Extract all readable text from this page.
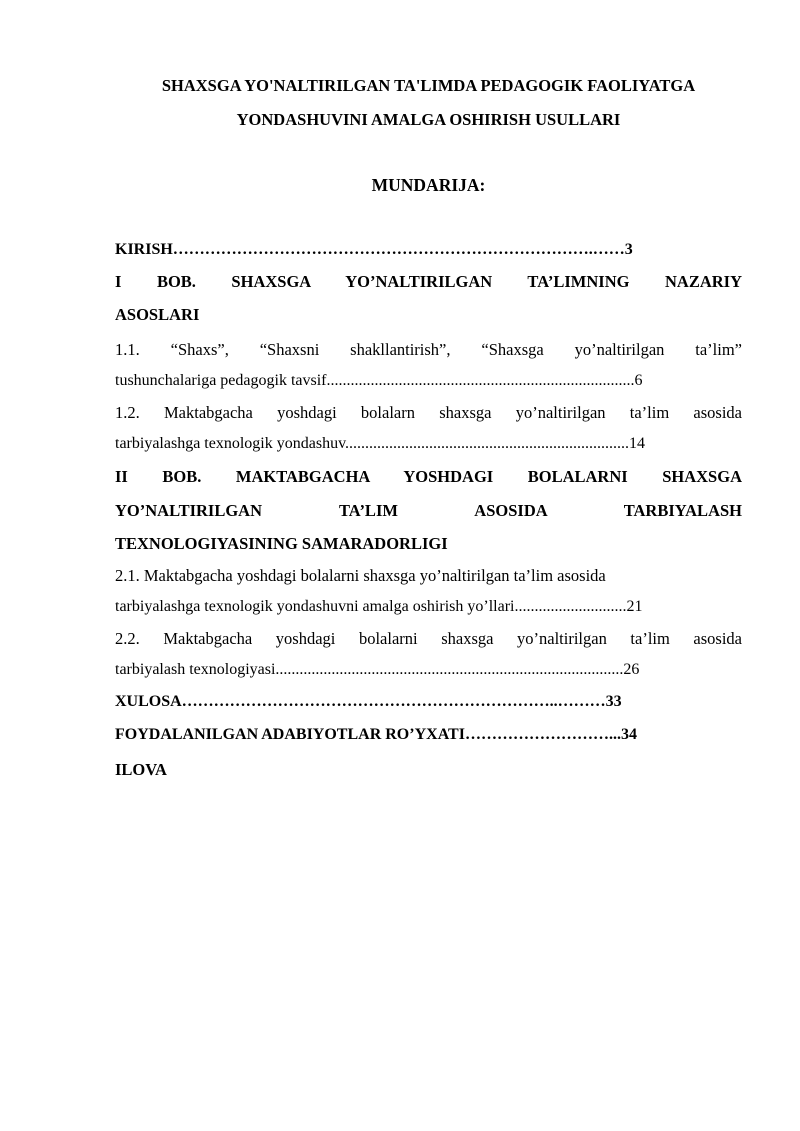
SHAXSGA YO'NALTIRILGAN TA'LIMDA PEDAGOGIK FAOLIYATGA
YONDASHUVINI AMALGA OSHIRISH USULLARI
MUNDARIJA:
KIRISH…………………………………………………………………….……3
I BOB. SHAXSGA YO’NALTIRILGAN TA’LIMNING NAZARIY
ASOSLARI
1.1. “Shaxs”, “Shaxsni shakllantirish”, “Shaxsga yo’naltirilgan ta’lim”
tushunchalariga pedagogik tavsif.............................................................................6
1.2. Maktabgacha yoshdagi bolalarn shaxsga yo’naltirilgan ta’lim asosida
tarbiyalashga texnologik yondashuv.......................................................................14
II BOB. MAKTABGACHA YOSHDAGI BOLALARNI SHAXSGA
YO’NALTIRILGAN TA’LIM ASOSIDA TARBIYALASH
TEXNOLOGIYASINING SAMARADORLIGI
2.1. Maktabgacha yoshdagi bolalarni shaxsga yo’naltirilgan ta’lim asosida
tarbiyalashga texnologik yondashuvni amalga oshirish yo’llari............................21
2.2. Maktabgacha yoshdagi bolalarni shaxsga yo’naltirilgan ta’lim asosida
tarbiyalash texnologiyasi.......................................................................................26
XULOSA……………………………………………………………..………33
FOYDALANILGAN ADABIYOTLAR RO’YXATI………………………...34
ILOVA
